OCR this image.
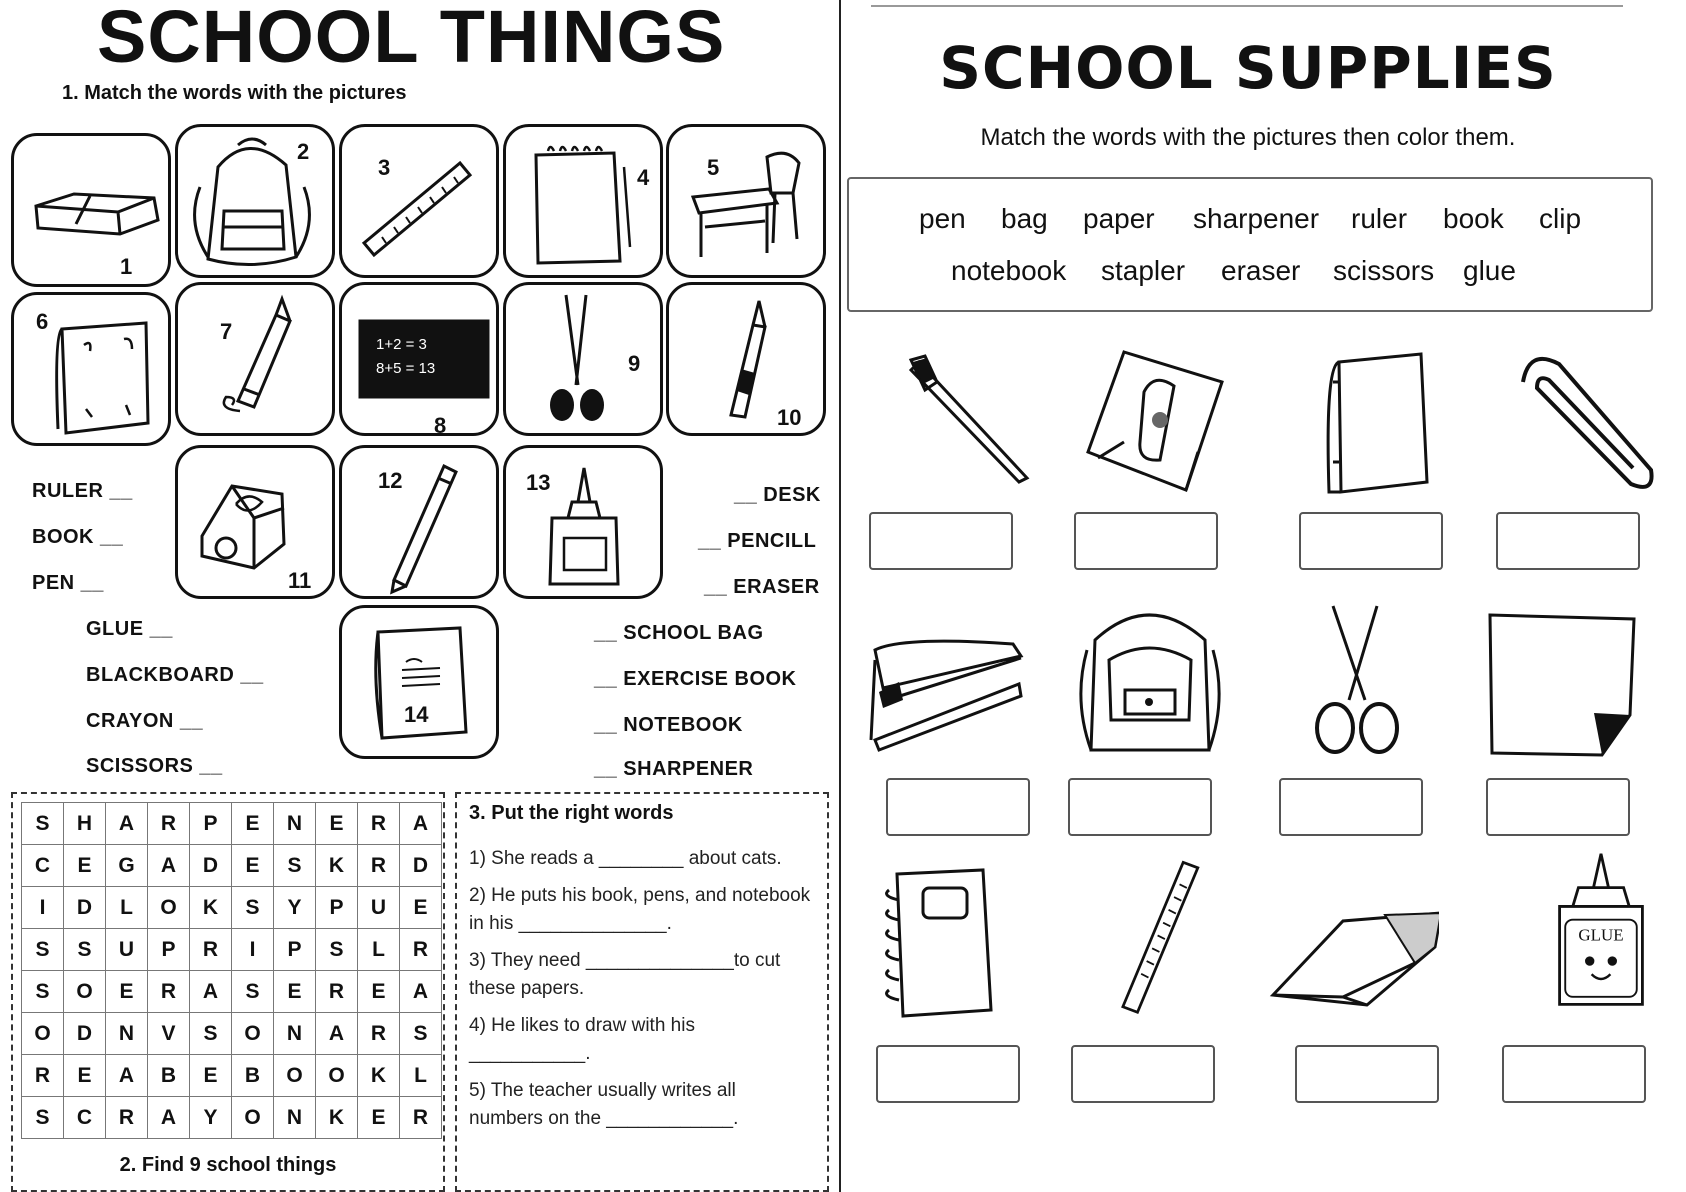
SCHOOL THINGS
1. Match the words with the pictures
1
2
3	4	5
6	7
1+2 = 3
8+5 = 13
8
9
10
11
12	13
14
RULER __
BOOK __
PEN __
GLUE __
BLACKBOARD __
CRAYON __
SCISSORS __
__ DESK
__ PENCILL
__ ERASER
__ SCHOOL BAG
__ EXERCISE BOOK
__ NOTEBOOK
__ SHARPENER
S	H	A	R	P	E	N	E	R	A
C	E	G	A	D	E	S	K	R	D
I	D	L	O	K	S	Y	P	U	E
S	S	U	P	R	I	P	S	L	R
S	O	E	R	A	S	E	R	E	A
O	D	N	V	S	O	N	A	R	S
R	E	A	B	E	B	O	O	K	L
S	C	R	A	Y	O	N	K	E	R
2. Find 9 school things
3. Put the right words
1) She reads a ________ about cats.
2) He puts his book, pens, and notebook in his ______________.
3) They need ______________to cut these papers.
4) He likes to draw with his ___________.
5) The teacher usually writes all numbers on the ____________.
SCHOOL SUPPLIES
Match the words with the pictures then color them.
pen bag paper sharpener ruler book clip
notebook stapler eraser scissors glue
GLUE
